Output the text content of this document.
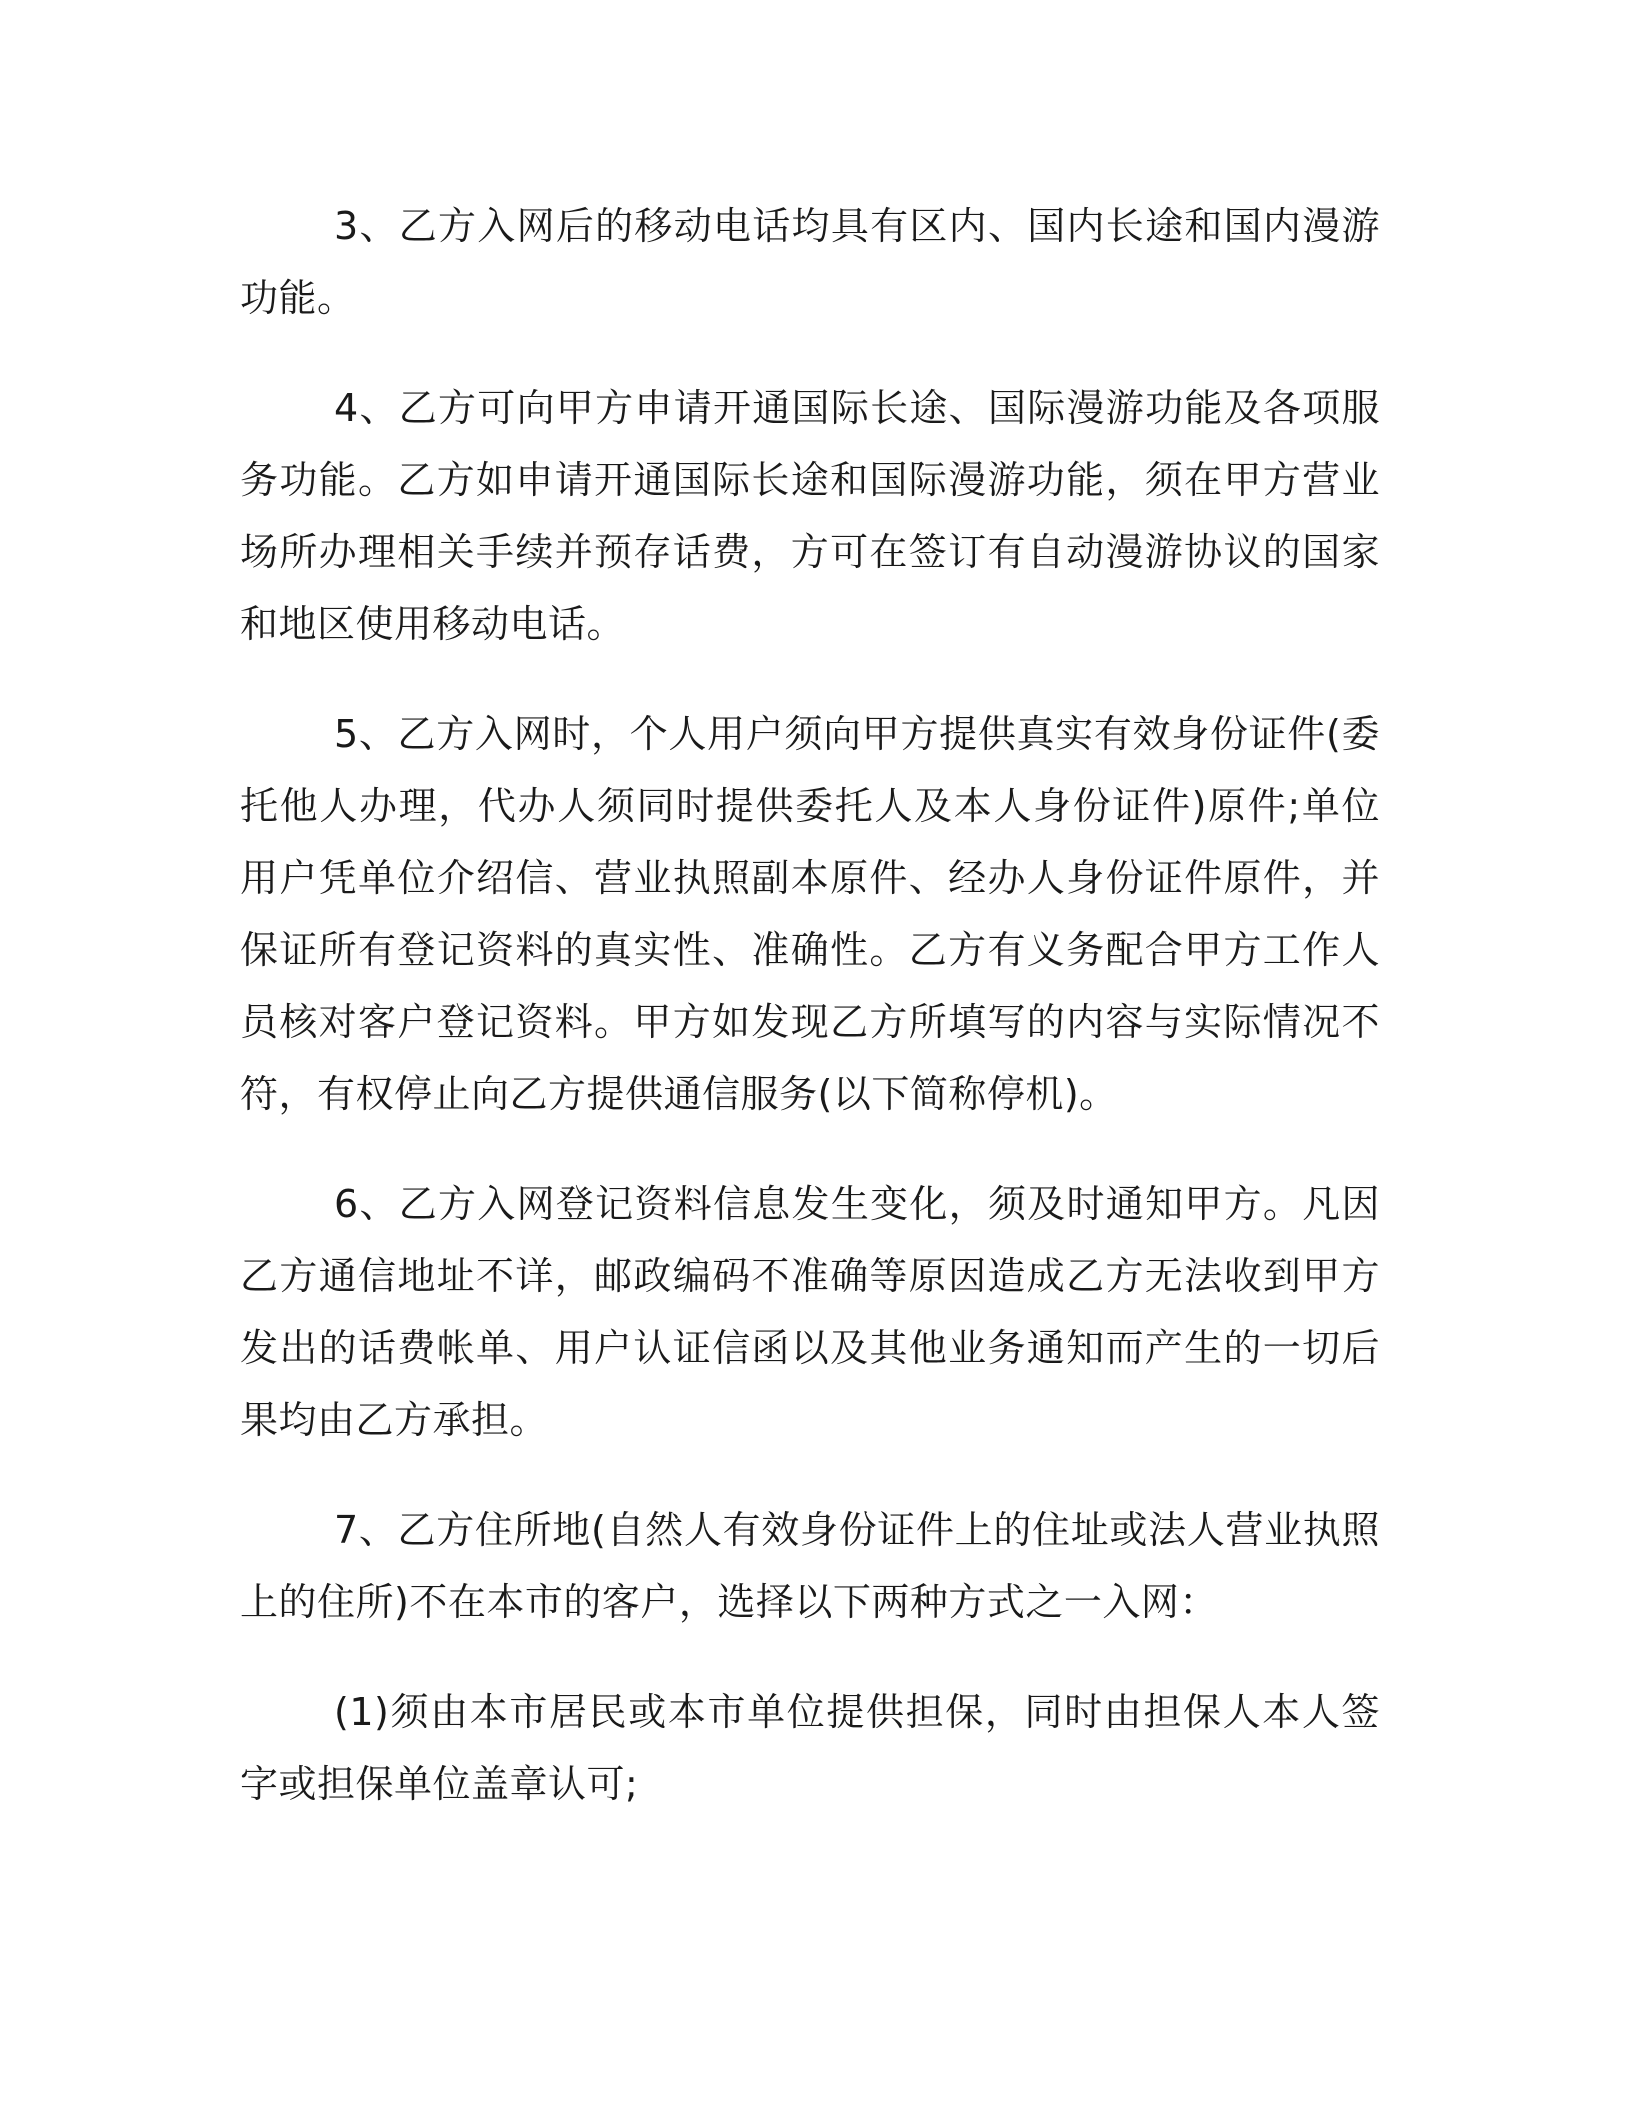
3、乙方入网后的移动电话均具有区内、国内长途和国内漫游功能。

4、乙方可向甲方申请开通国际长途、国际漫游功能及各项服务功能。乙方如申请开通国际长途和国际漫游功能，须在甲方营业场所办理相关手续并预存话费，方可在签订有自动漫游协议的国家和地区使用移动电话。

5、乙方入网时，个人用户须向甲方提供真实有效身份证件(委托他人办理，代办人须同时提供委托人及本人身份证件)原件;单位用户凭单位介绍信、营业执照副本原件、经办人身份证件原件，并保证所有登记资料的真实性、准确性。乙方有义务配合甲方工作人员核对客户登记资料。甲方如发现乙方所填写的内容与实际情况不符，有权停止向乙方提供通信服务(以下简称停机)。

6、乙方入网登记资料信息发生变化，须及时通知甲方。凡因乙方通信地址不详，邮政编码不准确等原因造成乙方无法收到甲方发出的话费帐单、用户认证信函以及其他业务通知而产生的一切后果均由乙方承担。

7、乙方住所地(自然人有效身份证件上的住址或法人营业执照上的住所)不在本市的客户，选择以下两种方式之一入网：

(1)须由本市居民或本市单位提供担保，同时由担保人本人签字或担保单位盖章认可;
